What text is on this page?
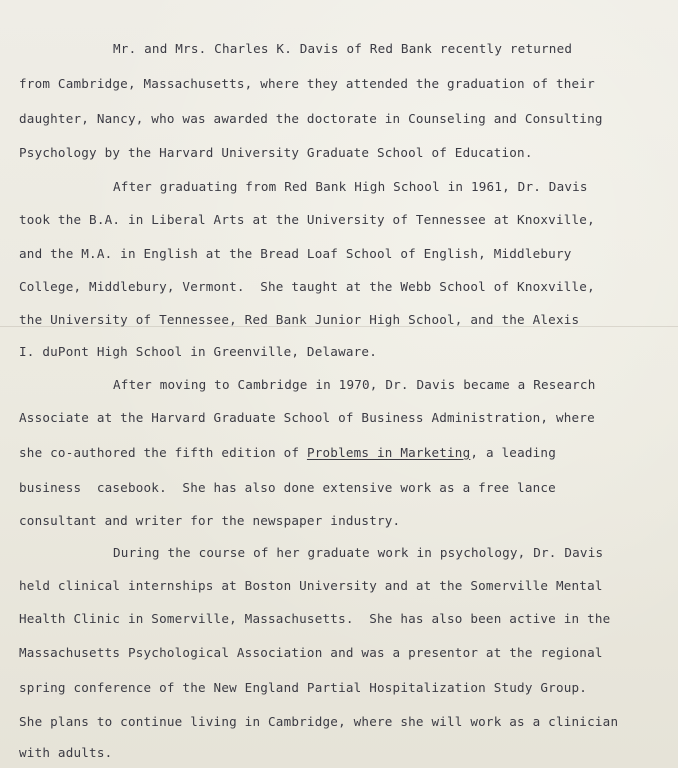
Mr. and Mrs. Charles K. Davis of Red Bank recently returned
from Cambridge, Massachusetts, where they attended the graduation of their
daughter, Nancy, who was awarded the doctorate in Counseling and Consulting
Psychology by the Harvard University Graduate School of Education.
After graduating from Red Bank High School in 1961, Dr. Davis
took the B.A. in Liberal Arts at the University of Tennessee at Knoxville,
and the M.A. in English at the Bread Loaf School of English, Middlebury
College, Middlebury, Vermont.  She taught at the Webb School of Knoxville,
the University of Tennessee, Red Bank Junior High School, and the Alexis
I. duPont High School in Greenville, Delaware.
After moving to Cambridge in 1970, Dr. Davis became a Research
Associate at the Harvard Graduate School of Business Administration, where
she co-authored the fifth edition of Problems in Marketing, a leading
business  casebook.  She has also done extensive work as a free lance
consultant and writer for the newspaper industry.
During the course of her graduate work in psychology, Dr. Davis
held clinical internships at Boston University and at the Somerville Mental
Health Clinic in Somerville, Massachusetts.  She has also been active in the
Massachusetts Psychological Association and was a presentor at the regional
spring conference of the New England Partial Hospitalization Study Group.
She plans to continue living in Cambridge, where she will work as a clinician
with adults.
